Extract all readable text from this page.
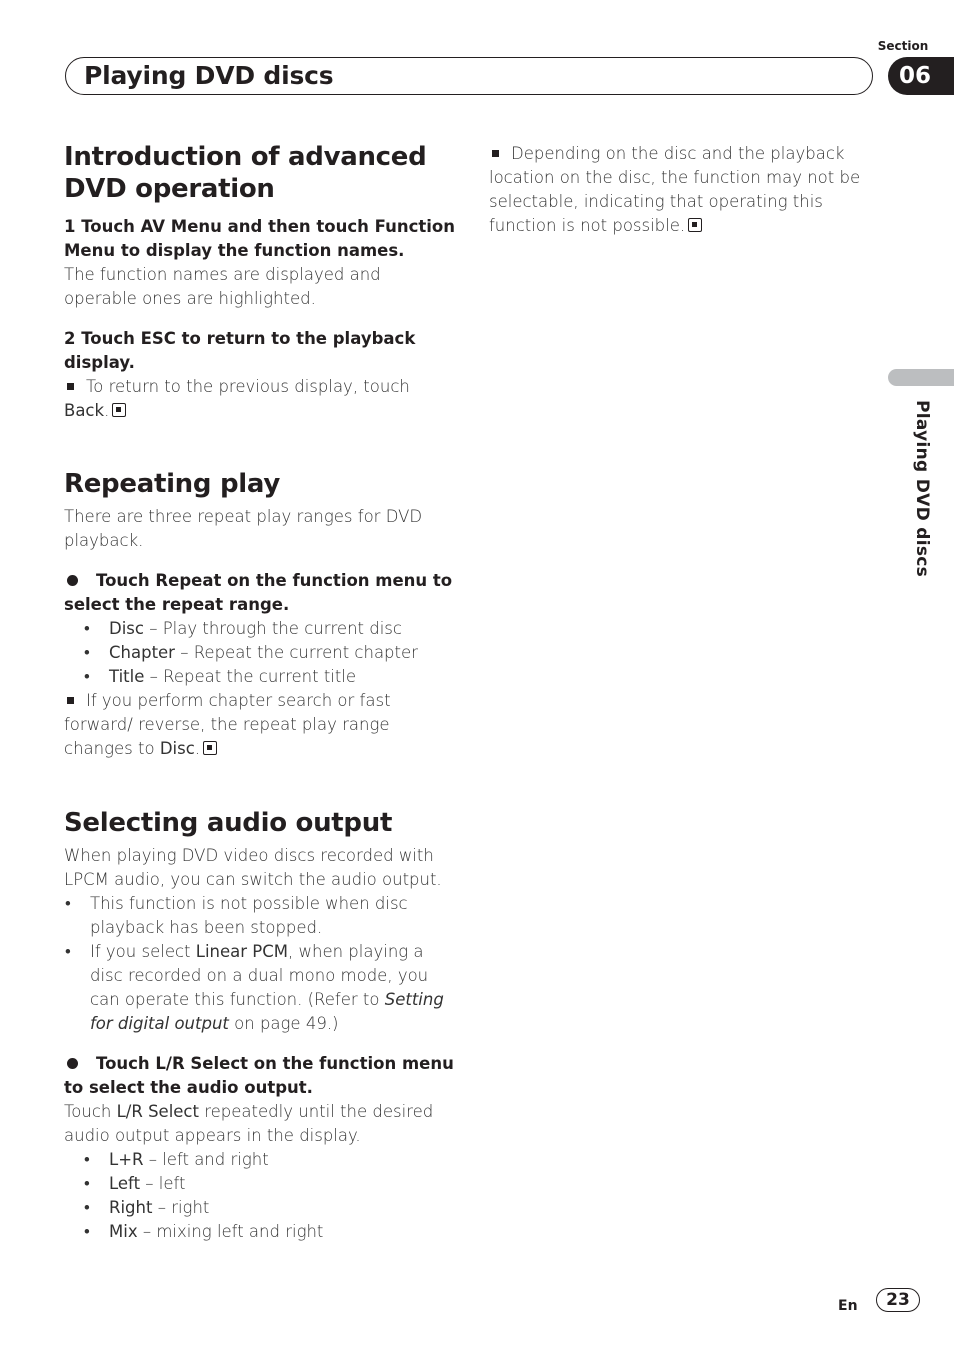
Playing DVD discs
Section
06
Playing DVD discs
Introduction of advanced
DVD operation

1 Touch AV Menu and then touch Function Menu to display the function names.

The function names are displayed and operable ones are highlighted.

2 Touch ESC to return to the playback display.

To return to the previous display, touch
Back.

Repeating play

There are three repeat play ranges for DVD playback.

Touch Repeat on the function menu to select the repeat range.

• Disc – Play through the current disc
• Chapter – Repeat the current chapter
• Title – Repeat the current title

If you perform chapter search or fast forward/ reverse, the repeat play range changes to Disc.

Selecting audio output

When playing DVD video discs recorded with LPCM audio, you can switch the audio output.

• This function is not possible when disc playback has been stopped.
• If you select Linear PCM, when playing a disc recorded on a dual mono mode, you can operate this function. (Refer to Setting for digital output on page 49.)

Touch L/R Select on the function menu to select the audio output.

Touch L/R Select repeatedly until the desired audio output appears in the display.

• L+R – left and right
• Left – left
• Right – right
• Mix – mixing left and right

Depending on the disc and the playback location on the disc, the function may not be selectable, indicating that operating this function is not possible.

En	23
